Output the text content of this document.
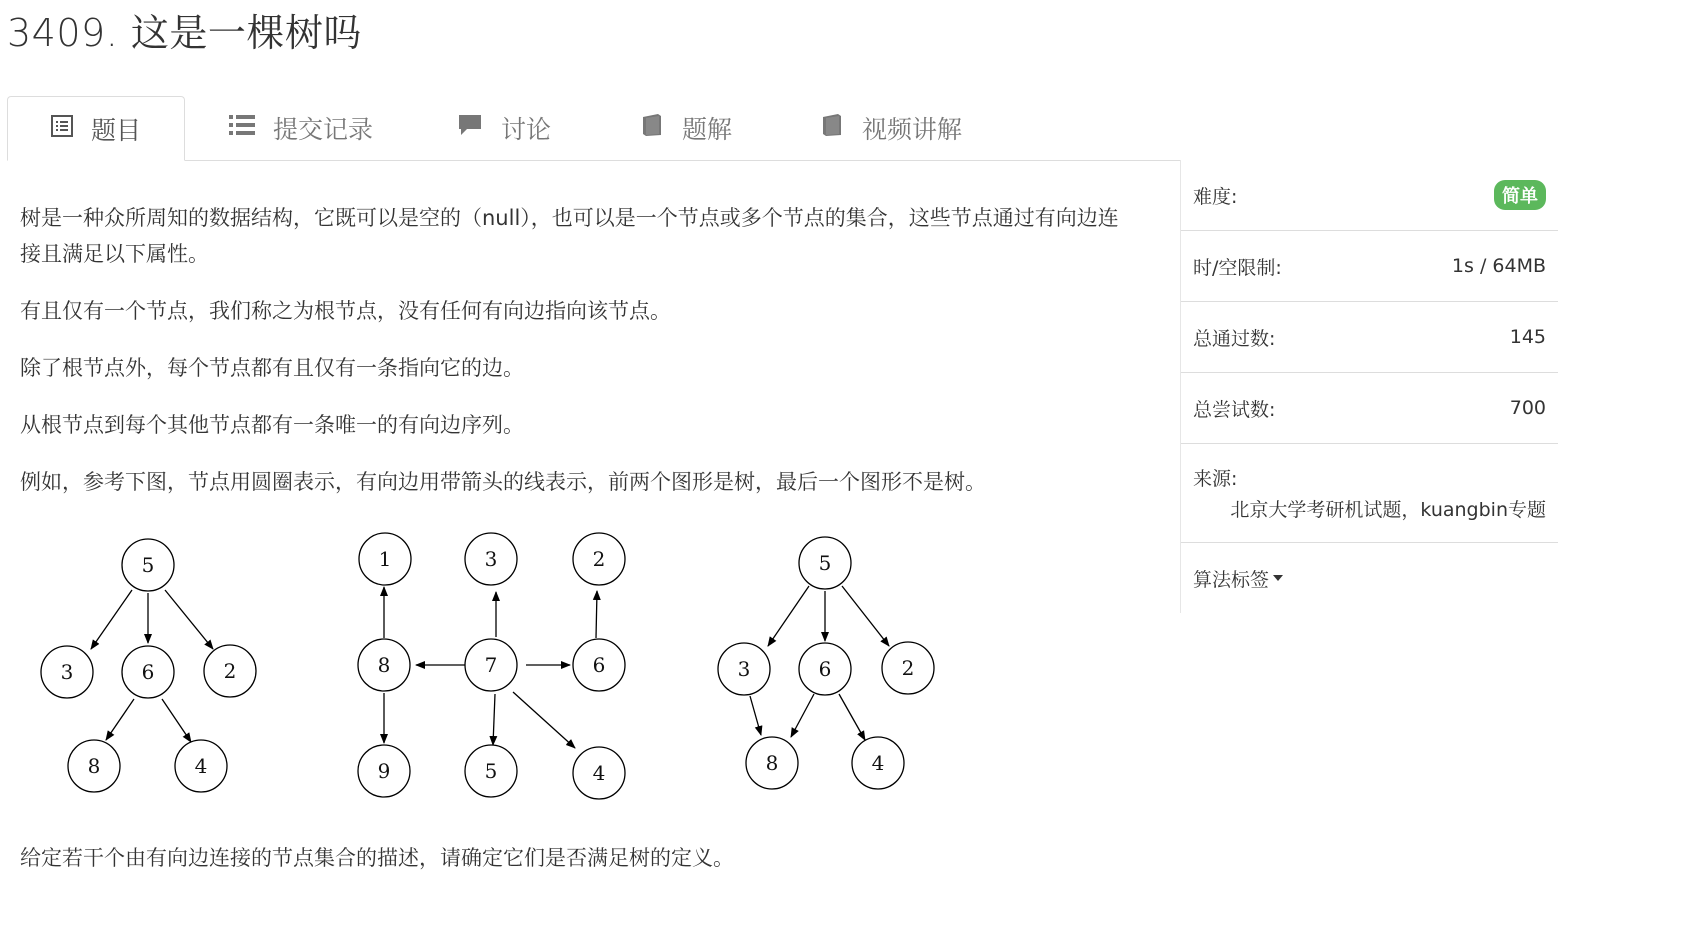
3409. 这是一棵树吗
题目	提交记录	讨论	题解	视频讲解

树是一种众所周知的数据结构，它既可以是空的（null），也可以是一个节点或多个节点的集合，这些节点通过有向边连接且满足以下属性。

有且仅有一个节点，我们称之为根节点，没有任何有向边指向该节点。

除了根节点外，每个节点都有且仅有一条指向它的边。

从根节点到每个其他节点都有一条唯一的有向边序列。

例如，参考下图，节点用圆圈表示，有向边用带箭头的线表示，前两个图形是树，最后一个图形不是树。

5
3	6	2
8	4
1	3	2
8	7	6
9	5	4
5
3	6	2
8	4

给定若干个由有向边连接的节点集合的描述，请确定它们是否满足树的定义。

难度:	简单
时/空限制:	1s / 64MB
总通过数:	145
总尝试数:	700
来源:
北京大学考研机试题，kuangbin专题
算法标签
